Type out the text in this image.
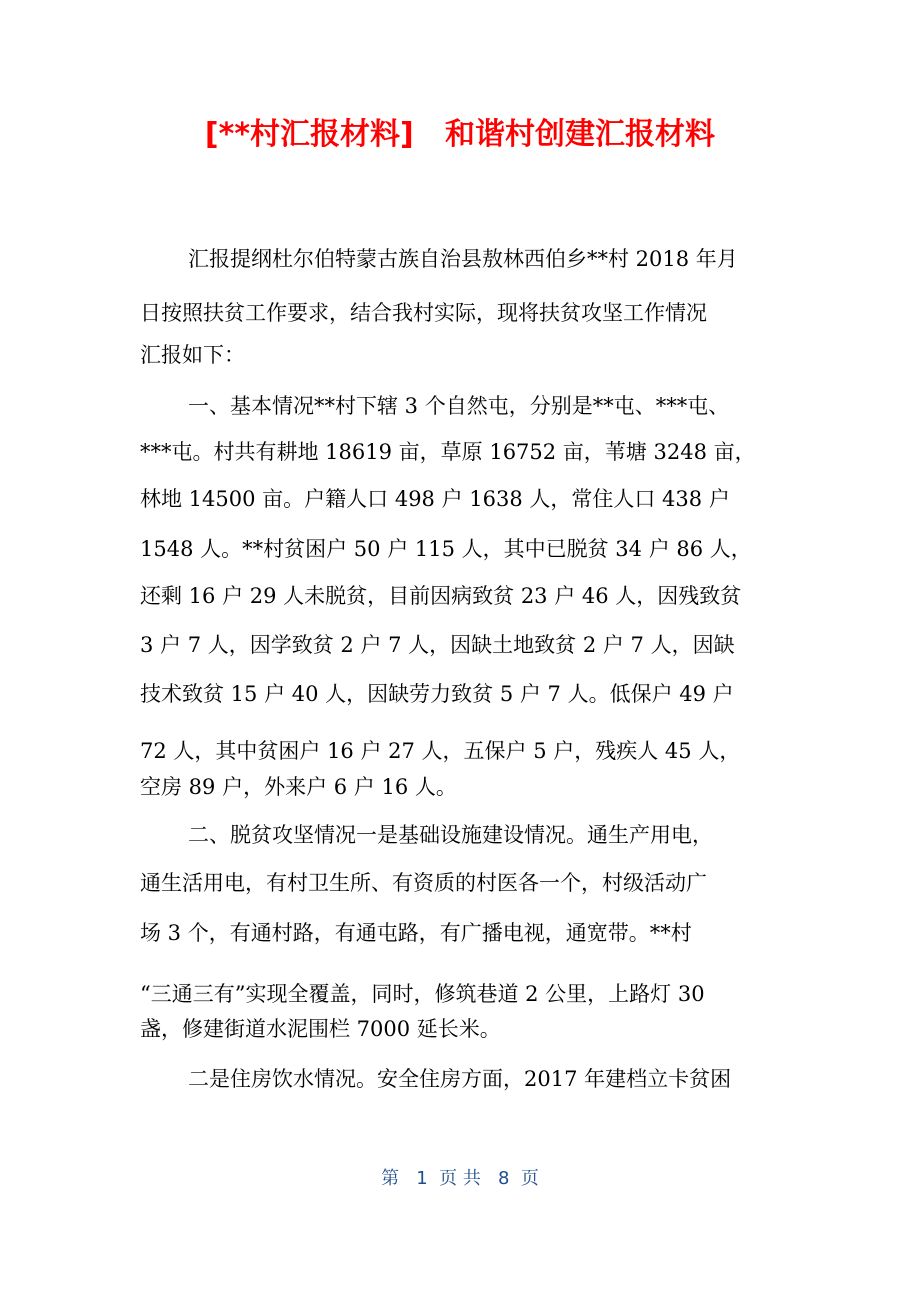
[**村汇报材料]   和谐村创建汇报材料
汇报提纲杜尔伯特蒙古族自治县敖林西伯乡**村 2018 年月
日按照扶贫工作要求，结合我村实际，现将扶贫攻坚工作情况
汇报如下：
一、基本情况**村下辖 3 个自然屯，分别是**屯、***屯、
***屯。村共有耕地 18619 亩，草原 16752 亩，苇塘 3248 亩，
林地 14500 亩。户籍人口 498 户 1638 人，常住人口 438 户
1548 人。**村贫困户 50 户 115 人，其中已脱贫 34 户 86 人，
还剩 16 户 29 人未脱贫，目前因病致贫 23 户 46 人，因残致贫
3 户 7 人，因学致贫 2 户 7 人，因缺土地致贫 2 户 7 人，因缺
技术致贫 15 户 40 人，因缺劳力致贫 5 户 7 人。低保户 49 户
72 人，其中贫困户 16 户 27 人，五保户 5 户，残疾人 45 人，
空房 89 户，外来户 6 户 16 人。
二、脱贫攻坚情况一是基础设施建设情况。通生产用电，
通生活用电，有村卫生所、有资质的村医各一个，村级活动广
场 3 个，有通村路，有通屯路，有广播电视，通宽带。**村
“三通三有”实现全覆盖，同时，修筑巷道 2 公里，上路灯 30
盏，修建街道水泥围栏 7000 延长米。
二是住房饮水情况。安全住房方面，2017 年建档立卡贫困
第   1  页 共   8  页
